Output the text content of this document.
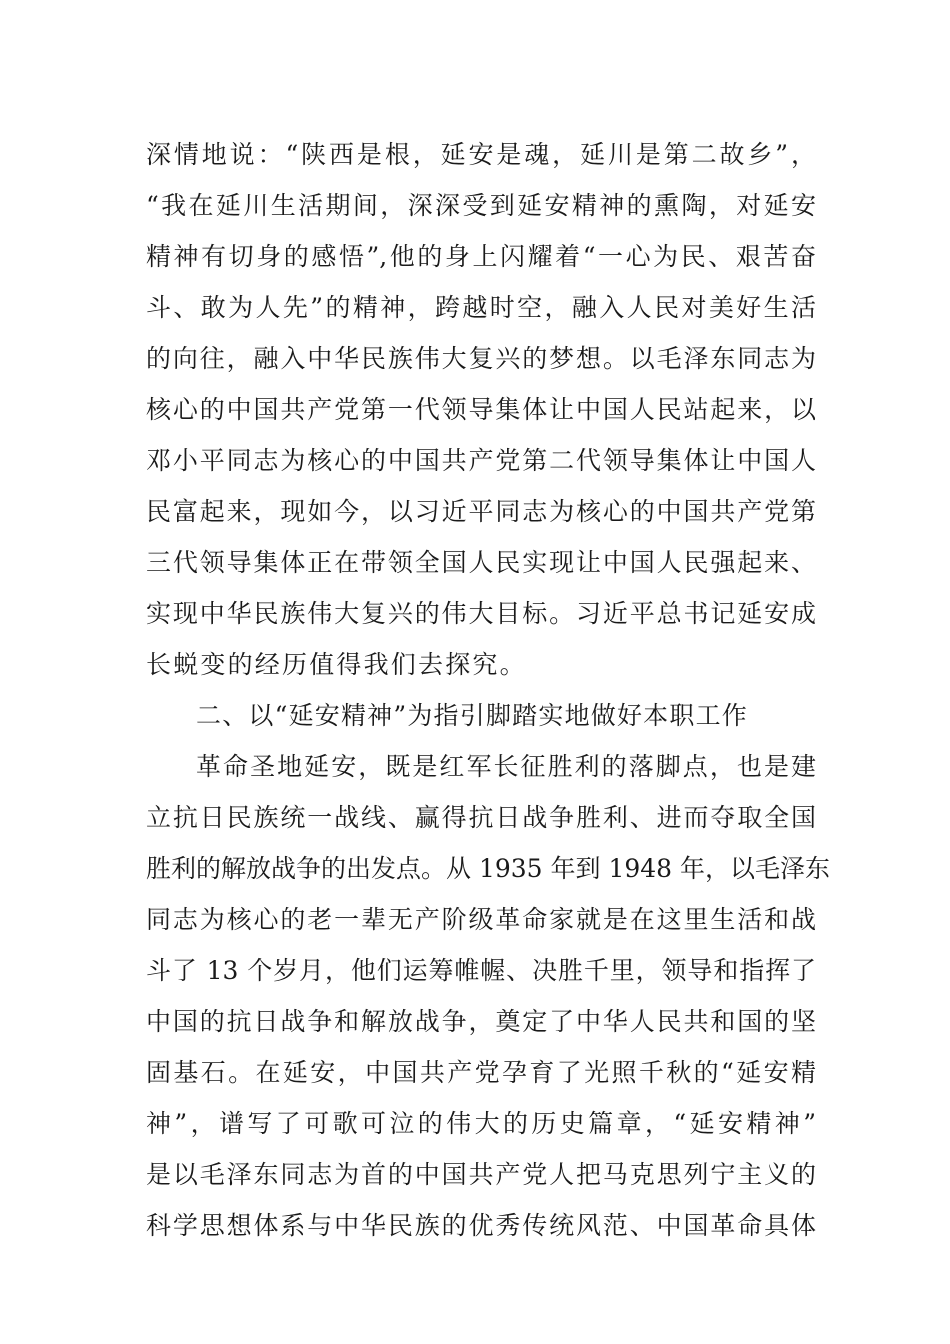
深情地说：“陕西是根，延安是魂，延川是第二故乡”，
“我在延川生活期间，深深受到延安精神的熏陶，对延安
精神有切身的感悟”,他的身上闪耀着“一心为民、艰苦奋
斗、敢为人先”的精神，跨越时空，融入人民对美好生活
的向往，融入中华民族伟大复兴的梦想。以毛泽东同志为
核心的中国共产党第一代领导集体让中国人民站起来，以
邓小平同志为核心的中国共产党第二代领导集体让中国人
民富起来，现如今，以习近平同志为核心的中国共产党第
三代领导集体正在带领全国人民实现让中国人民强起来、
实现中华民族伟大复兴的伟大目标。习近平总书记延安成
长蜕变的经历值得我们去探究。
二、以“延安精神”为指引脚踏实地做好本职工作
革命圣地延安，既是红军长征胜利的落脚点，也是建
立抗日民族统一战线、赢得抗日战争胜利、进而夺取全国
胜利的解放战争的出发点。从 1935 年到 1948 年，以毛泽东
同志为核心的老一辈无产阶级革命家就是在这里生活和战
斗了 13 个岁月，他们运筹帷幄、决胜千里，领导和指挥了
中国的抗日战争和解放战争，奠定了中华人民共和国的坚
固基石。在延安，中国共产党孕育了光照千秋的“延安精
神”，谱写了可歌可泣的伟大的历史篇章，“延安精神”
是以毛泽东同志为首的中国共产党人把马克思列宁主义的
科学思想体系与中华民族的优秀传统风范、中国革命具体
